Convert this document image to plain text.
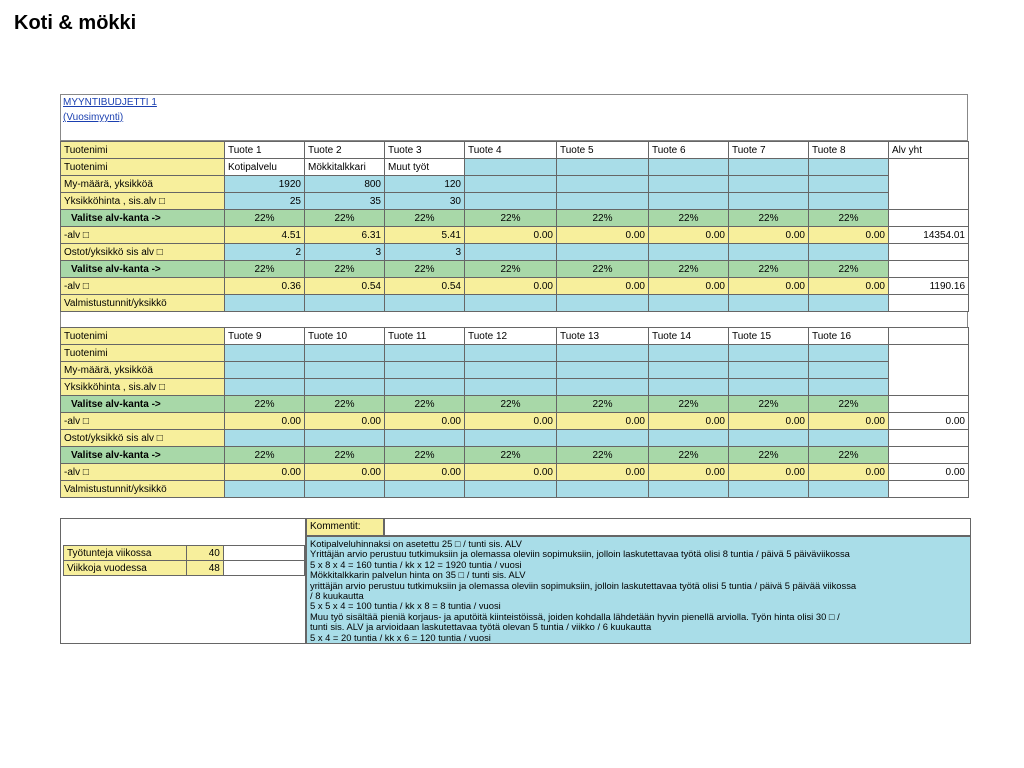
Koti & mökki
MYYNTIBUDJETTI 1
(Vuosimyynti)
Tuotenimi	Tuote 1	Tuote 2	Tuote 3	Tuote 4	Tuote 5	Tuote 6	Tuote 7	Tuote 8	Alv yht
Tuotenimi	Kotipalvelu	Mökkitalkkari	Muut työt						
My-määrä, yksikköä	1920	800	120						
Yksikköhinta , sis.alv □	25	35	30						
Valitse alv-kanta ->	22%	22%	22%	22%	22%	22%	22%	22%	
-alv □	4.51	6.31	5.41	0.00	0.00	0.00	0.00	0.00	14354.01
Ostot/yksikkö sis alv □	2	3	3						
Valitse alv-kanta ->	22%	22%	22%	22%	22%	22%	22%	22%	
-alv □	0.36	0.54	0.54	0.00	0.00	0.00	0.00	0.00	1190.16
Valmistustunnit/yksikkö									
Tuotenimi	Tuote 9	Tuote 10	Tuote 11	Tuote 12	Tuote 13	Tuote 14	Tuote 15	Tuote 16	
Tuotenimi									
My-määrä, yksikköä									
Yksikköhinta , sis.alv □									
Valitse alv-kanta ->	22%	22%	22%	22%	22%	22%	22%	22%	
-alv □	0.00	0.00	0.00	0.00	0.00	0.00	0.00	0.00	0.00
Ostot/yksikkö sis alv □									
Valitse alv-kanta ->	22%	22%	22%	22%	22%	22%	22%	22%	
-alv □	0.00	0.00	0.00	0.00	0.00	0.00	0.00	0.00	0.00
Valmistustunnit/yksikkö									
Työtunteja viikossa	40	
Viikkoja vuodessa	48	
Kommentit:
Kotipalveluhinnaksi on asetettu 25 □ / tunti sis. ALV
Yrittäjän arvio perustuu tutkimuksiin ja olemassa oleviin sopimuksiin, jolloin laskutettavaa työtä olisi 8 tuntia / päivä 5 päiväviikossa
5 x 8 x 4 = 160 tuntia / kk x 12 = 1920 tuntia / vuosi
Mökkitalkkarin palvelun hinta on 35 □ / tunti sis. ALV
yrittäjän arvio perustuu tutkimuksiin ja olemassa oleviin sopimuksiin, jolloin laskutettavaa työtä olisi 5 tuntia / päivä 5 päivää viikossa
/ 8 kuukautta
5 x 5 x 4 = 100 tuntia / kk x 8 = 8 tuntia / vuosi
Muu työ sisältää pieniä korjaus- ja aputöitä kiinteistöissä, joiden kohdalla lähdetään hyvin pienellä arviolla. Työn hinta olisi 30 □ /
tunti sis. ALV ja arvioidaan laskutettavaa työtä olevan 5 tuntia / viikko / 6 kuukautta
5 x 4 = 20 tuntia / kk x 6 = 120 tuntia / vuosi
